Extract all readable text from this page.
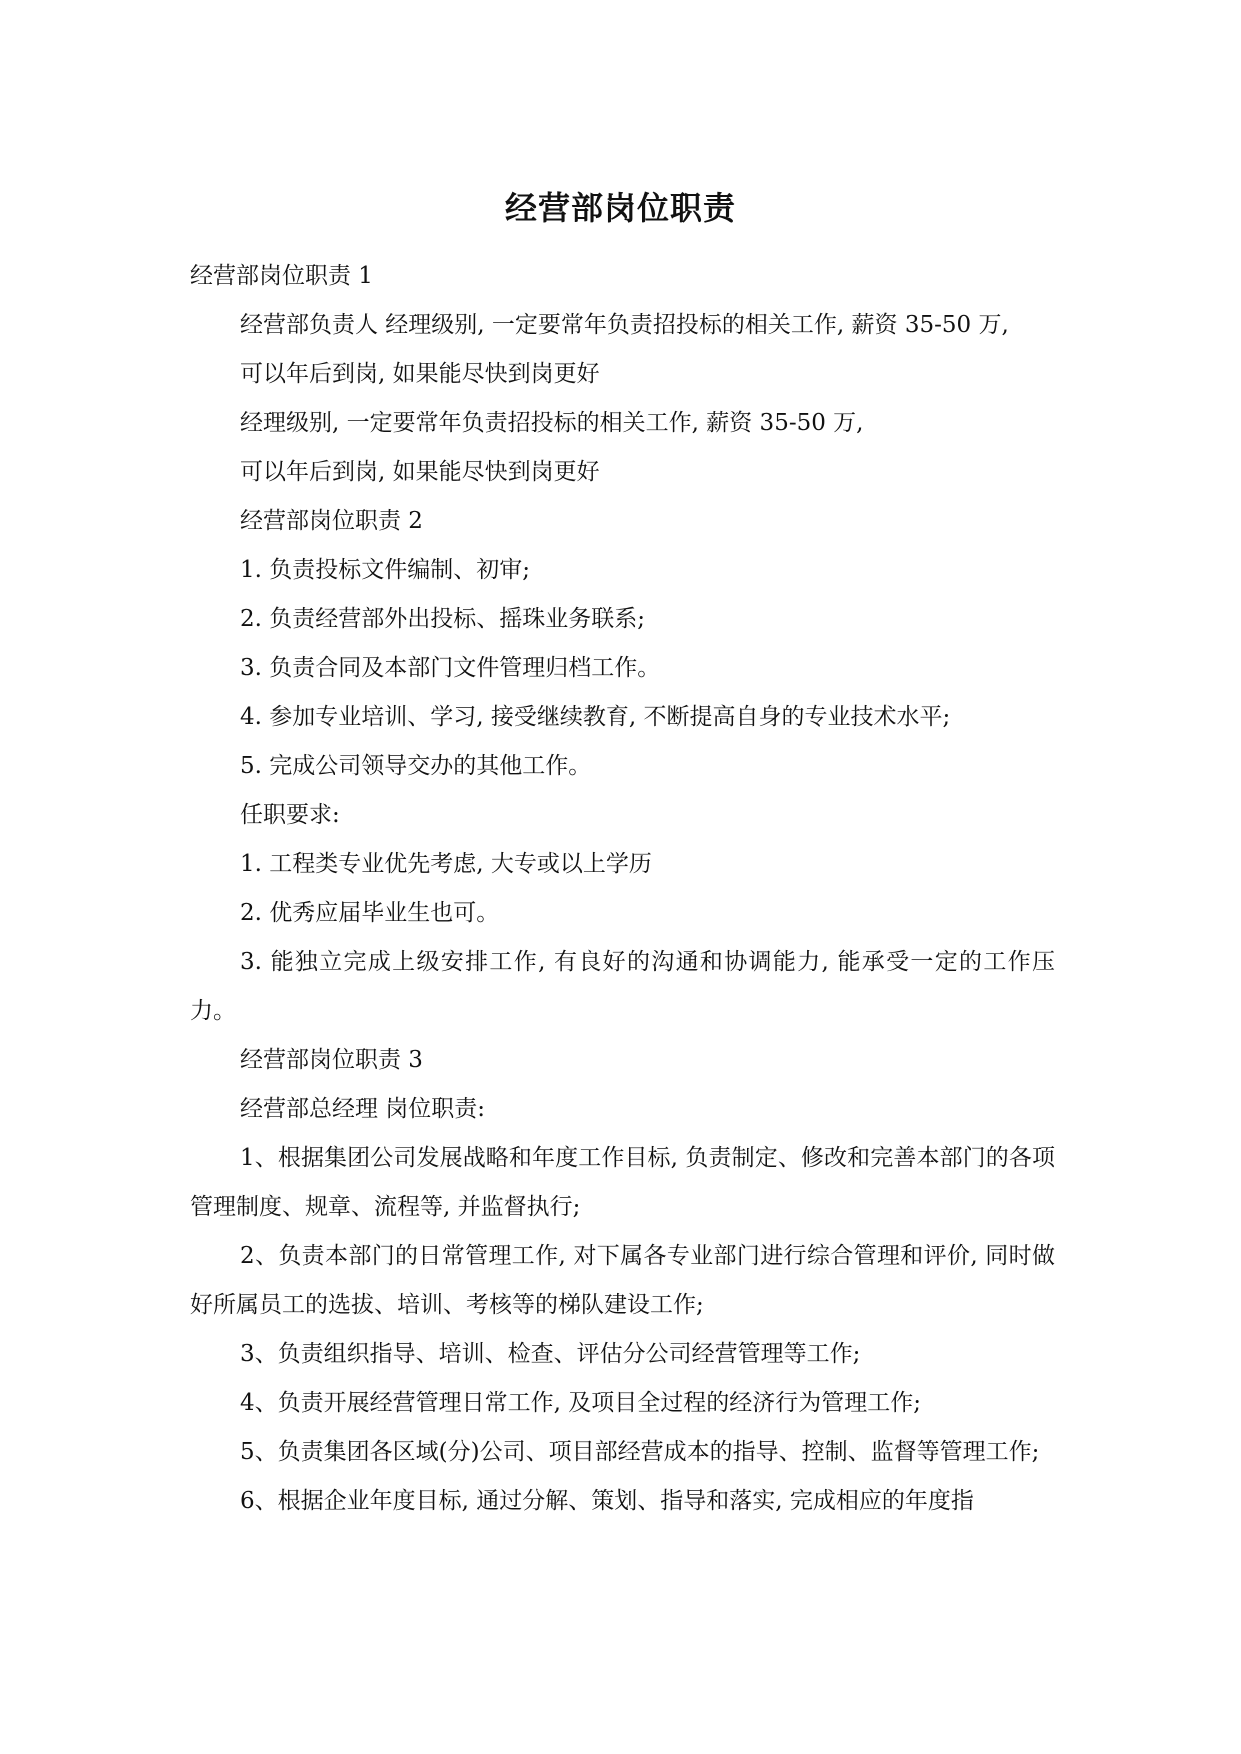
经营部岗位职责

经营部岗位职责 1

经营部负责人 经理级别, 一定要常年负责招投标的相关工作, 薪资 35-50 万,

可以年后到岗, 如果能尽快到岗更好

经理级别, 一定要常年负责招投标的相关工作, 薪资 35-50 万,

可以年后到岗, 如果能尽快到岗更好

经营部岗位职责 2

1. 负责投标文件编制、初审;

2. 负责经营部外出投标、摇珠业务联系;

3. 负责合同及本部门文件管理归档工作。

4. 参加专业培训、学习, 接受继续教育, 不断提高自身的专业技术水平;

5. 完成公司领导交办的其他工作。

任职要求:

1. 工程类专业优先考虑, 大专或以上学历

2. 优秀应届毕业生也可。

3. 能独立完成上级安排工作, 有良好的沟通和协调能力, 能承受一定的工作压力。

经营部岗位职责 3

经营部总经理 岗位职责:

1、根据集团公司发展战略和年度工作目标, 负责制定、修改和完善本部门的各项管理制度、规章、流程等, 并监督执行;

2、负责本部门的日常管理工作, 对下属各专业部门进行综合管理和评价, 同时做好所属员工的选拔、培训、考核等的梯队建设工作;

3、负责组织指导、培训、检查、评估分公司经营管理等工作;

4、负责开展经营管理日常工作, 及项目全过程的经济行为管理工作;

5、负责集团各区域(分)公司、项目部经营成本的指导、控制、监督等管理工作;

6、根据企业年度目标, 通过分解、策划、指导和落实, 完成相应的年度指
